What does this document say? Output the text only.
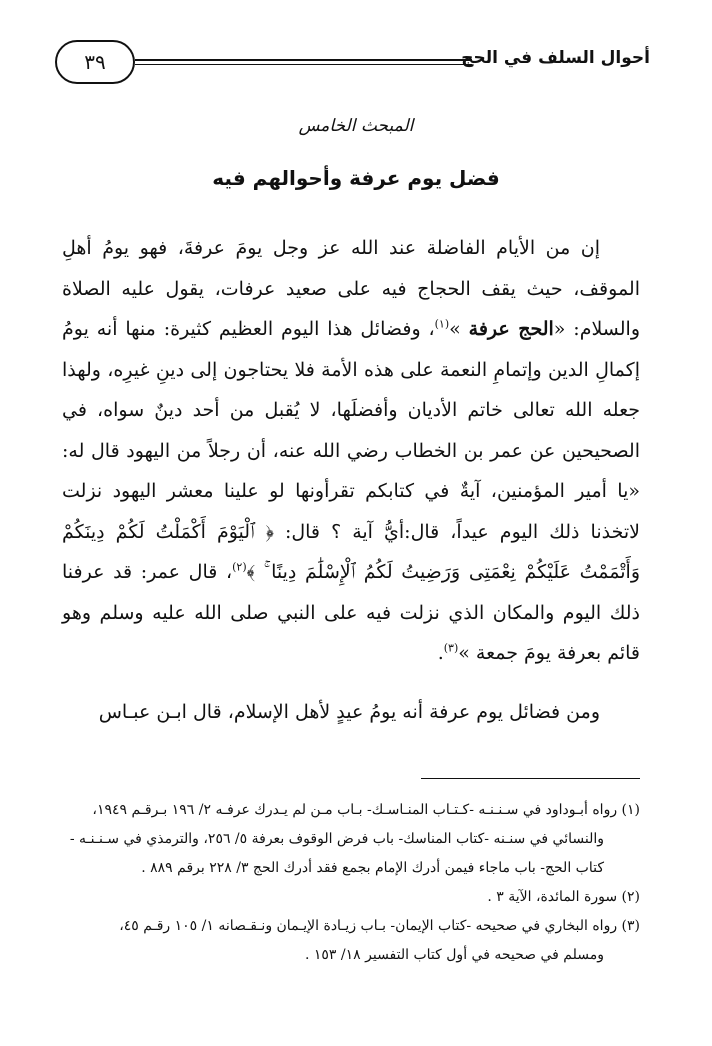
أحوال السلف في الحج
٣٩
المبحث الخامس
فضل يوم عرفة وأحوالهم فيه

إن من الأيام الفاضلة عند الله عز وجل يومَ عرفةَ، فهو يومُ أهلِ الموقف، حيث يقف الحجاج فيه على صعيد عرفات، يقول عليه الصلاة والسلام: «الحج عرفة »$^{(١)}$، وفضائل هذا اليوم العظيم كثيرة: منها أنه يومُ إكمالِ الدين وإتمامِ النعمة على هذه الأمة فلا يحتاجون إلى دينِ غيرِه، ولهذا جعله الله تعالى خاتم الأديان وأفضلَها، لا يُقبل من أحد دينٌ سواه، في الصحيحين عن عمر بن الخطاب رضي الله عنه، أن رجلاً من اليهود قال له: «يا أمير المؤمنين، آيةٌ في كتابكم تقرأونها لو علينا معشر اليهود نزلت لاتخذنا ذلك اليوم عيداً، قال:أيُّ آية ؟ قال: ﴿ ٱلْيَوْمَ أَكْمَلْتُ لَكُمْ دِينَكُمْ وَأَتْمَمْتُ عَلَيْكُمْ نِعْمَتِى وَرَضِيتُ لَكُمُ ٱلْإِسْلَٰمَ دِينًا ۚ ﴾$^{(٢)}$، قال عمر: قد عرفنا ذلك اليوم والمكان الذي نزلت فيه على النبي صلى الله عليه وسلم وهو قائم بعرفة يومَ جمعة »$^{(٣)}$.

ومن فضائل يوم عرفة أنه يومُ عيدٍ لأهل الإسلام، قال ابـن عبـاس

(١) رواه أبـوداود في سـنـنـه -كـتـاب المنـاسـك- بـاب مـن لم يـدرك عرفـه ٢/ ١٩٦ بـرقـم ١٩٤٩،

والنسائي في سنـنه -كتاب المناسك- باب فرض الوقوف بعرفة ٥/ ٢٥٦، والترمذي في سـنـنـه -

كتاب الحج- باب ماجاء فيمن أدرك الإمام بجمع فقد أدرك الحج ٣/ ٢٢٨ برقم ٨٨٩ .

(٢) سورة المائدة، الآية ٣ .

(٣) رواه البخاري في صحيحه -كتاب الإيمان- بـاب زيـادة الإيـمان ونـقـصانه ١/ ١٠٥ رقـم ٤٥،

ومسلم في صحيحه في أول كتاب التفسير ١٨/ ١٥٣ .
